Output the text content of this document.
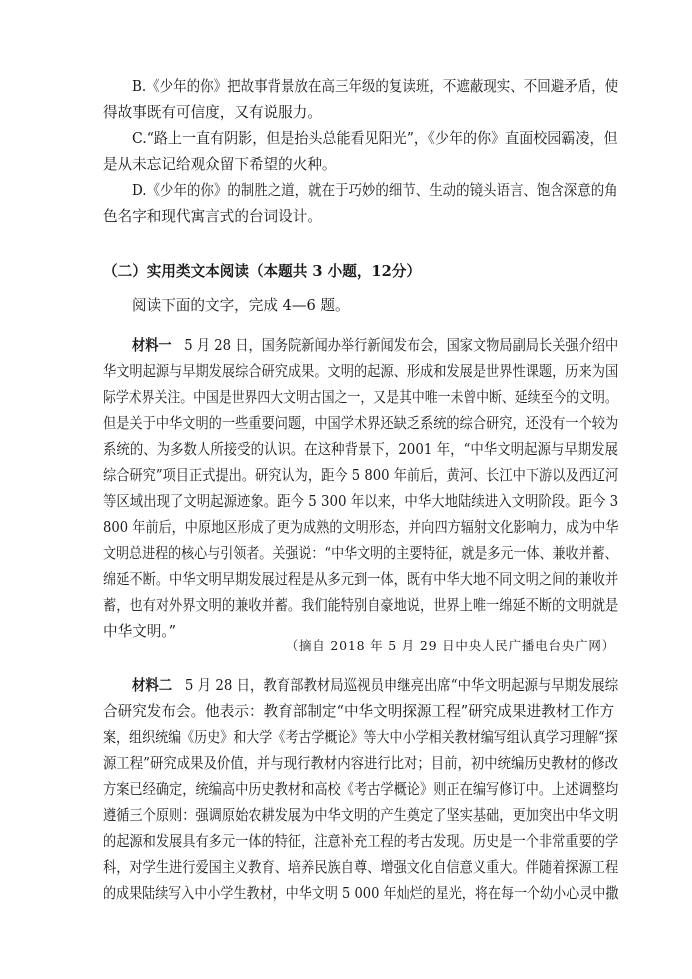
B.《少年的你》把故事背景放在高三年级的复读班，不遮蔽现实、不回避矛盾，使
得故事既有可信度，又有说服力。
C.“路上一直有阴影，但是抬头总能看见阳光”，《少年的你》直面校园霸凌，但
是从未忘记给观众留下希望的火种。
D.《少年的你》的制胜之道，就在于巧妙的细节、生动的镜头语言、饱含深意的角
色名字和现代寓言式的台词设计。
（二）实用类文本阅读（本题共 3 小题，12分）
阅读下面的文字，完成 4—6 题。
材料一 5 月 28 日，国务院新闻办举行新闻发布会，国家文物局副局长关强介绍中
华文明起源与早期发展综合研究成果。文明的起源、形成和发展是世界性课题，历来为国
际学术界关注。中国是世界四大文明古国之一，又是其中唯一未曾中断、延续至今的文明。
但是关于中华文明的一些重要问题，中国学术界还缺乏系统的综合研究，还没有一个较为
系统的、为多数人所接受的认识。在这种背景下，2001 年，“中华文明起源与早期发展
综合研究”项目正式提出。研究认为，距今 5 800 年前后，黄河、长江中下游以及西辽河
等区域出现了文明起源迹象。距今 5 300 年以来，中华大地陆续进入文明阶段。距今 3
800 年前后，中原地区形成了更为成熟的文明形态，并向四方辐射文化影响力，成为中华
文明总进程的核心与引领者。关强说：“中华文明的主要特征，就是多元一体、兼收并蓄、
绵延不断。中华文明早期发展过程是从多元到一体，既有中华大地不同文明之间的兼收并
蓄，也有对外界文明的兼收并蓄。我们能特别自豪地说，世界上唯一绵延不断的文明就是
中华文明。”
（摘自 2018 年 5 月 29 日中央人民广播电台央广网）
材料二 5 月 28 日，教育部教材局巡视员申继亮出席“中华文明起源与早期发展综
合研究发布会。他表示：教育部制定“中华文明探源工程”研究成果进教材工作方
案，组织统编《历史》和大学《考古学概论》等大中小学相关教材编写组认真学习理解“探
源工程”研究成果及价值，并与现行教材内容进行比对；目前，初中统编历史教材的修改
方案已经确定，统编高中历史教材和高校《考古学概论》则正在编写修订中。上述调整均
遵循三个原则：强调原始农耕发展为中华文明的产生奠定了坚实基础，更加突出中华文明
的起源和发展具有多元一体的特征，注意补充工程的考古发现。历史是一个非常重要的学
科，对学生进行爱国主义教育、培养民族自尊、增强文化自信意义重大。伴随着探源工程
的成果陆续写入中小学生教材，中华文明 5 000 年灿烂的星光，将在每一个幼小心灵中撒
